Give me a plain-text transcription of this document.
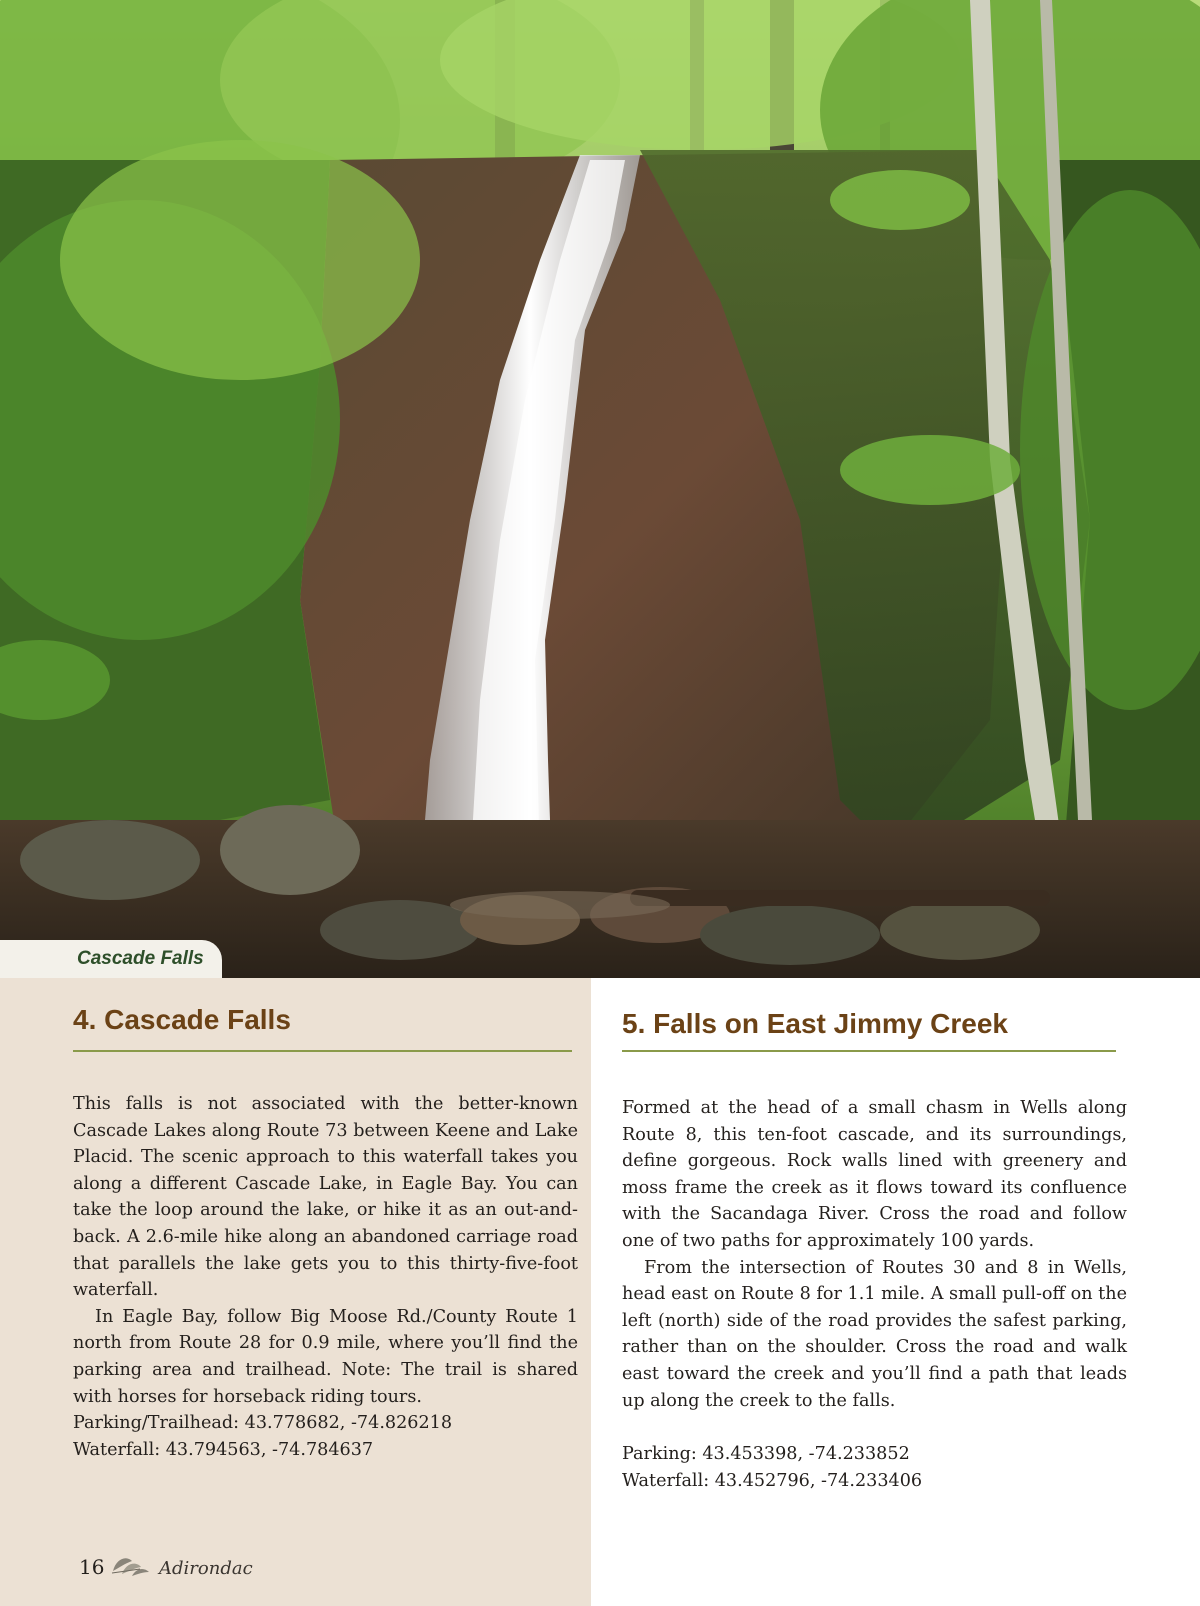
Cascade Falls
4. Cascade Falls

This falls is not associated with the better-known Cascade Lakes along Route 73 between Keene and Lake Placid. The scenic approach to this waterfall takes you along a different Cascade Lake, in Eagle Bay. You can take the loop around the lake, or hike it as an out-and-back. A 2.6-mile hike along an abandoned carriage road that parallels the lake gets you to this thirty-five-foot waterfall.

In Eagle Bay, follow Big Moose Rd./County Route 1 north from Route 28 for 0.9 mile, where you’ll find the parking area and trailhead. Note: The trail is shared with horses for horseback riding tours.

Parking/Trailhead: 43.778682, -74.826218
Waterfall: 43.794563, -74.784637
5. Falls on East Jimmy Creek

Formed at the head of a small chasm in Wells along Route 8, this ten-foot cascade, and its surroundings, define gorgeous. Rock walls lined with greenery and moss frame the creek as it flows toward its confluence with the Sacandaga River. Cross the road and follow one of two paths for approximately 100 yards.

From the intersection of Routes 30 and 8 in Wells, head east on Route 8 for 1.1 mile. A small pull-off on the left (north) side of the road provides the safest parking, rather than on the shoulder. Cross the road and walk east toward the creek and you’ll find a path that leads up along the creek to the falls.

Parking: 43.453398, -74.233852
Waterfall: 43.452796, -74.233406
16	Adirondac
